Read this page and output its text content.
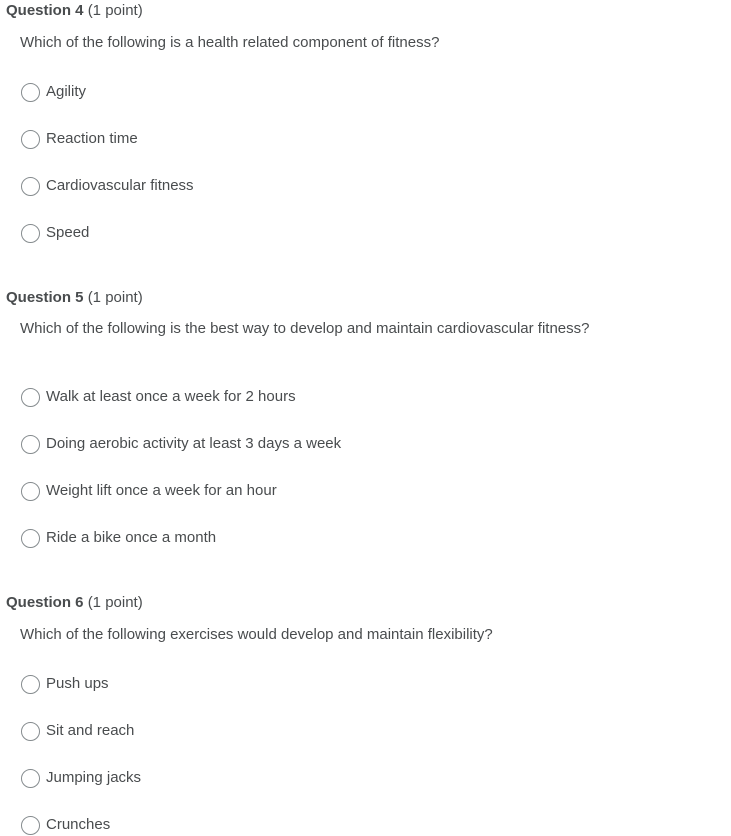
Question 4 (1 point)
Which of the following is a health related component of fitness?
Agility
Reaction time
Cardiovascular fitness
Speed
Question 5 (1 point)
Which of the following is the best way to develop and maintain cardiovascular fitness?
Walk at least once a week for 2 hours
Doing aerobic activity at least 3 days a week
Weight lift once a week for an hour
Ride a bike once a month
Question 6 (1 point)
Which of the following exercises would develop and maintain flexibility?
Push ups
Sit and reach
Jumping jacks
Crunches
